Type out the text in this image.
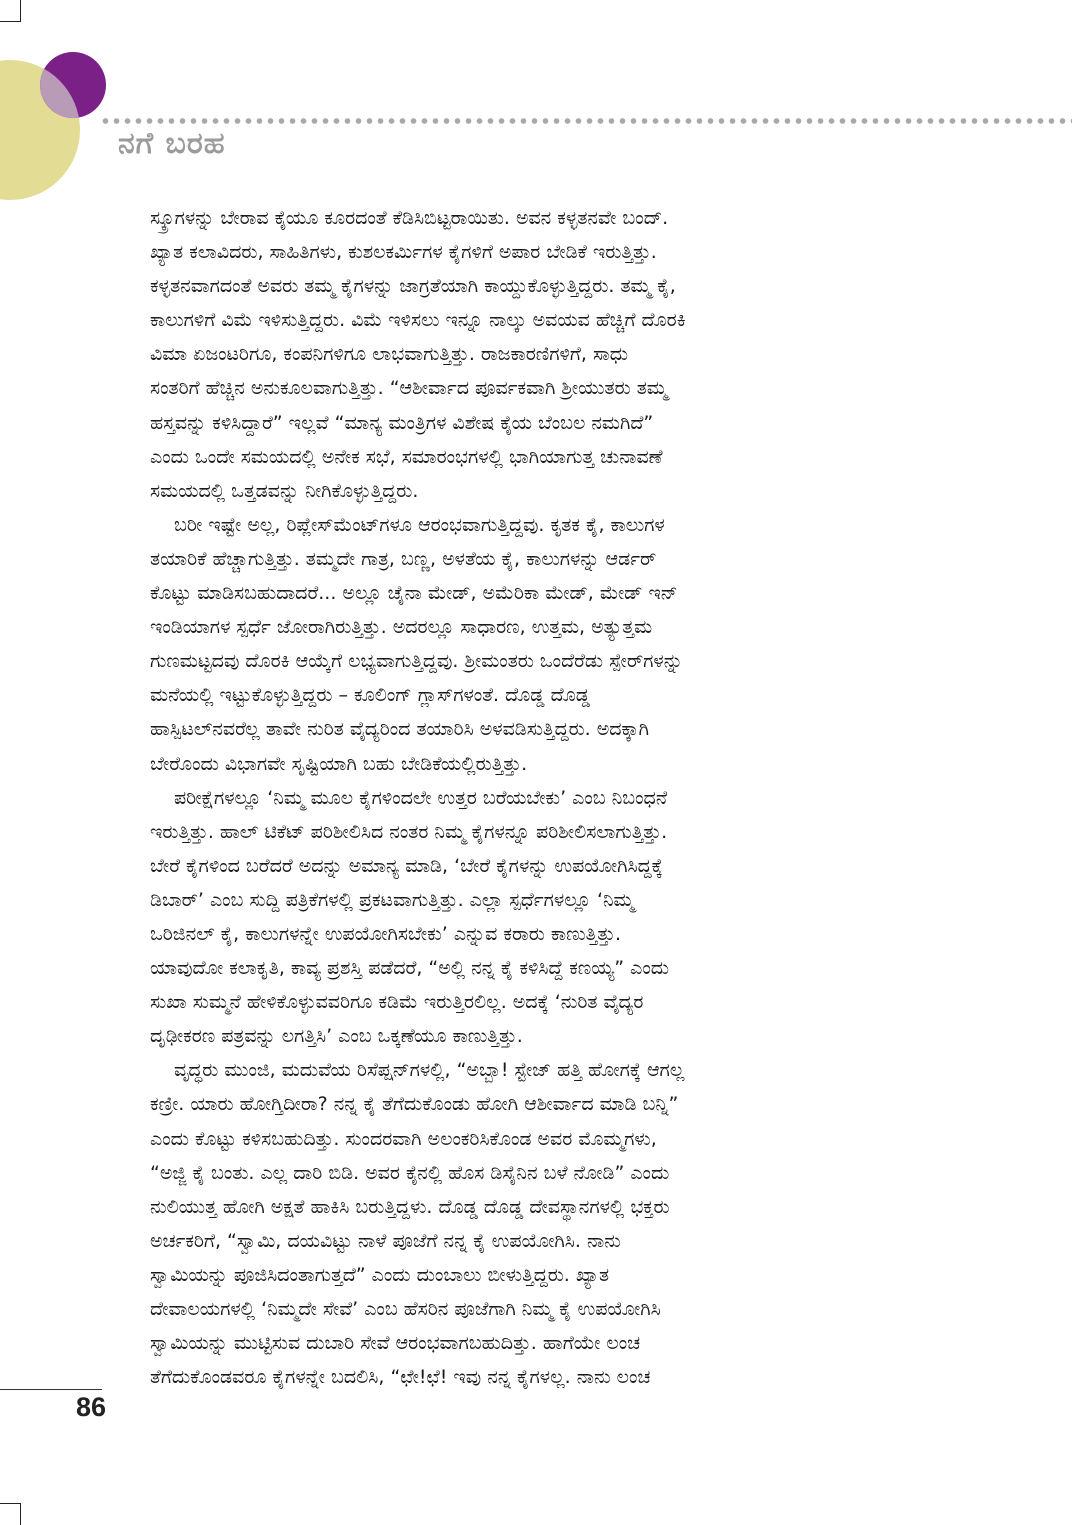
ನಗೆ ಬರಹ
ಸ್ಕ್ರೂಗಳನ್ನು ಬೇರಾವ ಕೈಯೂ ಕೂರದಂತೆ ಕೆಡಿಸಿಬಿಟ್ಟರಾಯಿತು. ಅವನ ಕಳ್ಳತನವೇ ಬಂದ್.
ಖ್ಯಾತ ಕಲಾವಿದರು, ಸಾಹಿತಿಗಳು, ಕುಶಲಕರ್ಮಿಗಳ ಕೈಗಳಿಗೆ ಅಪಾರ ಬೇಡಿಕೆ ಇರುತ್ತಿತ್ತು.
ಕಳ್ಳತನವಾಗದಂತೆ ಅವರು ತಮ್ಮ ಕೈಗಳನ್ನು ಜಾಗ್ರತೆಯಾಗಿ ಕಾಯ್ದುಕೊಳ್ಳುತ್ತಿದ್ದರು. ತಮ್ಮ ಕೈ,
ಕಾಲುಗಳಿಗೆ ವಿಮೆ ಇಳಿಸುತ್ತಿದ್ದರು. ವಿಮೆ ಇಳಿಸಲು ಇನ್ನೂ ನಾಲ್ಕು ಅವಯವ ಹೆಚ್ಚಿಗೆ ದೊರಕಿ
ವಿಮಾ ಏಜಂಟರಿಗೂ, ಕಂಪನಿಗಳಿಗೂ ಲಾಭವಾಗುತ್ತಿತ್ತು. ರಾಜಕಾರಣಿಗಳಿಗೆ, ಸಾಧು
ಸಂತರಿಗೆ ಹೆಚ್ಚಿನ ಅನುಕೂಲವಾಗುತ್ತಿತ್ತು. “ಆಶೀರ್ವಾದ ಪೂರ್ವಕವಾಗಿ ಶ್ರೀಯುತರು ತಮ್ಮ
ಹಸ್ತವನ್ನು ಕಳಿಸಿದ್ದಾರೆ” ಇಲ್ಲವೆ “ಮಾನ್ಯ ಮಂತ್ರಿಗಳ ವಿಶೇಷ ಕೈಯ ಬೆಂಬಲ ನಮಗಿದೆ”
ಎಂದು ಒಂದೇ ಸಮಯದಲ್ಲಿ ಅನೇಕ ಸಭೆ, ಸಮಾರಂಭಗಳಲ್ಲಿ ಭಾಗಿಯಾಗುತ್ತ ಚುನಾವಣೆ
ಸಮಯದಲ್ಲಿ ಒತ್ತಡವನ್ನು ನೀಗಿಕೊಳ್ಳುತ್ತಿದ್ದರು.
ಬರೀ ಇಷ್ಟೇ ಅಲ್ಲ, ರಿಪ್ಲೇಸ್‌ಮೆಂಟ್‌ಗಳೂ ಆರಂಭವಾಗುತ್ತಿದ್ದವು. ಕೃತಕ ಕೈ, ಕಾಲುಗಳ
ತಯಾರಿಕೆ ಹೆಚ್ಚಾಗುತ್ತಿತ್ತು. ತಮ್ಮದೇ ಗಾತ್ರ, ಬಣ್ಣ, ಅಳತೆಯ ಕೈ, ಕಾಲುಗಳನ್ನು ಆರ್ಡರ್
ಕೊಟ್ಟು ಮಾಡಿಸಬಹುದಾದರೆ... ಅಲ್ಲೂ ಚೈನಾ ಮೇಡ್, ಅಮೆರಿಕಾ ಮೇಡ್, ಮೇಡ್ ಇನ್
ಇಂಡಿಯಾಗಳ ಸ್ಪರ್ಧೆ ಜೋರಾಗಿರುತ್ತಿತ್ತು. ಅದರಲ್ಲೂ ಸಾಧಾರಣ, ಉತ್ತಮ, ಅತ್ಯುತ್ತಮ
ಗುಣಮಟ್ಟದವು ದೊರಕಿ ಆಯ್ಕೆಗೆ ಲಭ್ಯವಾಗುತ್ತಿದ್ದವು. ಶ್ರೀಮಂತರು ಒಂದೆರೆಡು ಸ್ಪೇರ್‌ಗಳನ್ನು
ಮನೆಯಲ್ಲಿ ಇಟ್ಟುಕೊಳ್ಳುತ್ತಿದ್ದರು – ಕೂಲಿಂಗ್ ಗ್ಲಾಸ್‌ಗಳಂತೆ. ದೊಡ್ಡ ದೊಡ್ಡ
ಹಾಸ್ಪಿಟಲ್‌ನವರೆಲ್ಲ ತಾವೇ ನುರಿತ ವೈದ್ಯರಿಂದ ತಯಾರಿಸಿ ಅಳವಡಿಸುತ್ತಿದ್ದರು. ಅದಕ್ಕಾಗಿ
ಬೇರೊಂದು ವಿಭಾಗವೇ ಸೃಷ್ಟಿಯಾಗಿ ಬಹು ಬೇಡಿಕೆಯಲ್ಲಿರುತ್ತಿತ್ತು.
ಪರೀಕ್ಷೆಗಳಲ್ಲೂ ‘ನಿಮ್ಮ ಮೂಲ ಕೈಗಳಿಂದಲೇ ಉತ್ತರ ಬರೆಯಬೇಕು’ ಎಂಬ ನಿಬಂಧನೆ
ಇರುತ್ತಿತ್ತು. ಹಾಲ್ ಟಿಕೆಟ್ ಪರಿಶೀಲಿಸಿದ ನಂತರ ನಿಮ್ಮ ಕೈಗಳನ್ನೂ ಪರಿಶೀಲಿಸಲಾಗುತ್ತಿತ್ತು.
ಬೇರೆ ಕೈಗಳಿಂದ ಬರೆದರೆ ಅದನ್ನು ಅಮಾನ್ಯ ಮಾಡಿ, ‘ಬೇರೆ ಕೈಗಳನ್ನು ಉಪಯೋಗಿಸಿದ್ದಕ್ಕೆ
ಡಿಬಾರ್’ ಎಂಬ ಸುದ್ದಿ ಪತ್ರಿಕೆಗಳಲ್ಲಿ ಪ್ರಕಟವಾಗುತ್ತಿತ್ತು. ಎಲ್ಲಾ ಸ್ಪರ್ಧೆಗಳಲ್ಲೂ ‘ನಿಮ್ಮ
ಒರಿಜಿನಲ್ ಕೈ, ಕಾಲುಗಳನ್ನೇ ಉಪಯೋಗಿಸಬೇಕು’ ಎನ್ನುವ ಕರಾರು ಕಾಣುತ್ತಿತ್ತು.
ಯಾವುದೋ ಕಲಾಕೃತಿ, ಕಾವ್ಯ ಪ್ರಶಸ್ತಿ ಪಡೆದರೆ, “ಅಲ್ಲಿ ನನ್ನ ಕೈ ಕಳಿಸಿದ್ದೆ ಕಣಯ್ಯ” ಎಂದು
ಸುಖಾ ಸುಮ್ಮನೆ ಹೇಳಿಕೊಳ್ಳುವವರಿಗೂ ಕಡಿಮೆ ಇರುತ್ತಿರಲಿಲ್ಲ. ಅದಕ್ಕೆ ‘ನುರಿತ ವೈದ್ಯರ
ದೃಢೀಕರಣ ಪತ್ರವನ್ನು ಲಗತ್ತಿಸಿ’ ಎಂಬ ಒಕ್ಕಣೆಯೂ ಕಾಣುತ್ತಿತ್ತು.
ವೃದ್ಧರು ಮುಂಜಿ, ಮದುವೆಯ ರಿಸೆಪ್ಷನ್‌ಗಳಲ್ಲಿ, “ಅಬ್ಬಾ! ಸ್ಟೇಜ್ ಹತ್ತಿ ಹೋಗಕ್ಕೆ ಆಗಲ್ಲ
ಕಣ್ರೀ. ಯಾರು ಹೋಗ್ತಿದೀರಾ? ನನ್ನ ಕೈ ತೆಗೆದುಕೊಂಡು ಹೋಗಿ ಆಶೀರ್ವಾದ ಮಾಡಿ ಬನ್ನಿ”
ಎಂದು ಕೊಟ್ಟು ಕಳಿಸಬಹುದಿತ್ತು. ಸುಂದರವಾಗಿ ಅಲಂಕರಿಸಿಕೊಂಡ ಅವರ ಮೊಮ್ಮಗಳು,
“ಅಜ್ಜಿ ಕೈ ಬಂತು. ಎಲ್ಲ ದಾರಿ ಬಿಡಿ. ಅವರ ಕೈನಲ್ಲಿ ಹೊಸ ಡಿಸೈನಿನ ಬಳೆ ನೋಡಿ” ಎಂದು
ನುಲಿಯುತ್ತ ಹೋಗಿ ಅಕ್ಷತೆ ಹಾಕಿಸಿ ಬರುತ್ತಿದ್ದಳು. ದೊಡ್ಡ ದೊಡ್ಡ ದೇವಸ್ಥಾನಗಳಲ್ಲಿ ಭಕ್ತರು
ಅರ್ಚಕರಿಗೆ, “ಸ್ವಾಮಿ, ದಯವಿಟ್ಟು ನಾಳೆ ಪೂಜೆಗೆ ನನ್ನ ಕೈ ಉಪಯೋಗಿಸಿ. ನಾನು
ಸ್ವಾಮಿಯನ್ನು ಪೂಜಿಸಿದಂತಾಗುತ್ತದೆ” ಎಂದು ದುಂಬಾಲು ಬೀಳುತ್ತಿದ್ದರು. ಖ್ಯಾತ
ದೇವಾಲಯಗಳಲ್ಲಿ ‘ನಿಮ್ಮದೇ ಸೇವೆ’ ಎಂಬ ಹೆಸರಿನ ಪೂಜೆಗಾಗಿ ನಿಮ್ಮ ಕೈ ಉಪಯೋಗಿಸಿ
ಸ್ವಾಮಿಯನ್ನು ಮುಟ್ಟಿಸುವ ದುಬಾರಿ ಸೇವೆ ಆರಂಭವಾಗಬಹುದಿತ್ತು. ಹಾಗೆಯೇ ಲಂಚ
ತೆಗೆದುಕೊಂಡವರೂ ಕೈಗಳನ್ನೇ ಬದಲಿಸಿ, “ಛೇ!ಛೆ! ಇವು ನನ್ನ ಕೈಗಳಲ್ಲ. ನಾನು ಲಂಚ
86
